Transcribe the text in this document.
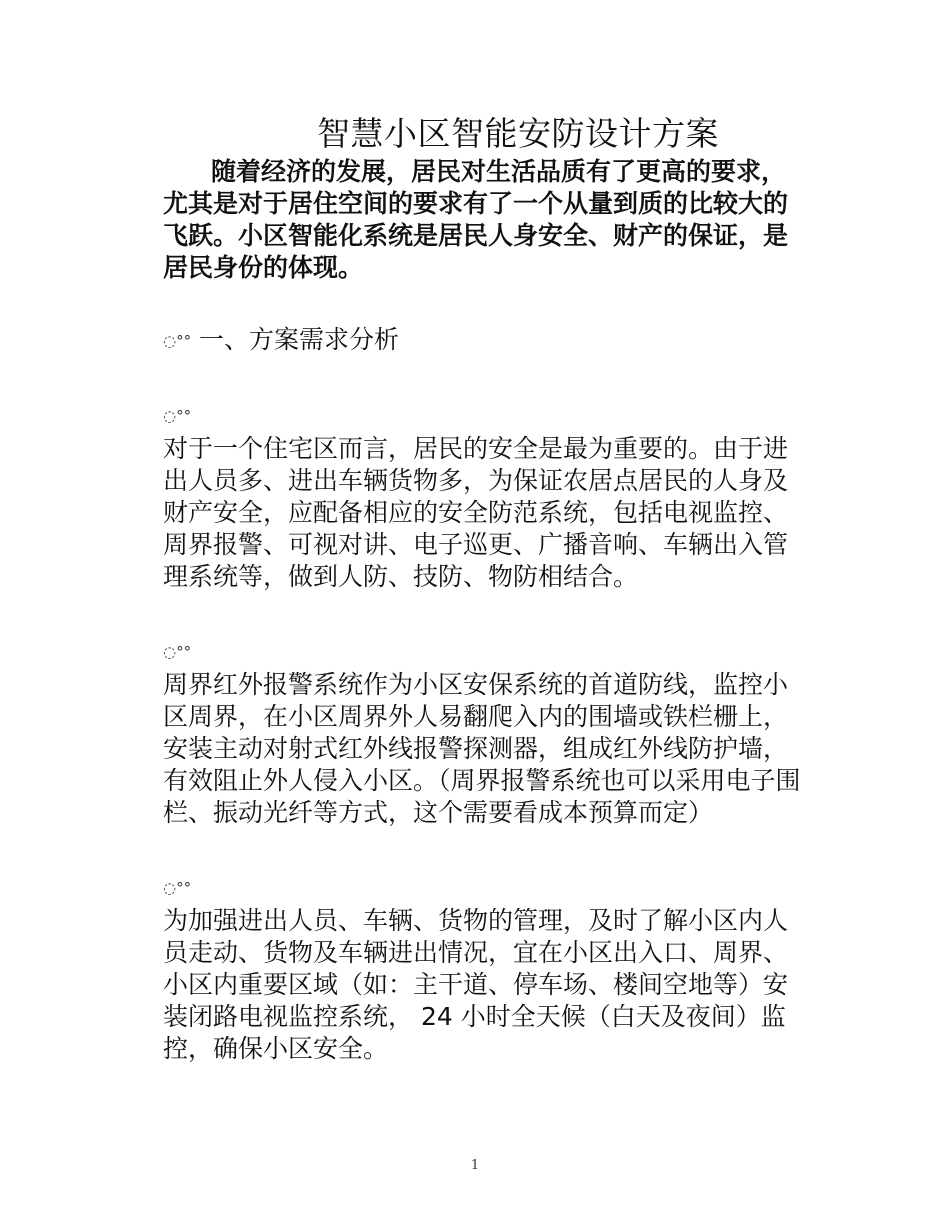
智慧小区智能安防设计方案

随着经济的发展，居民对生活品质有了更高的要求，尤其是对于居住空间的要求有了一个从量到质的比较大的飞跃。小区智能化系统是居民人身安全、财产的保证，是居民身份的体现。

◌°° 一、方案需求分析

◌°°

对于一个住宅区而言，居民的安全是最为重要的。由于进出人员多、进出车辆货物多，为保证农居点居民的人身及财产安全，应配备相应的安全防范系统，包括电视监控、周界报警、可视对讲、电子巡更、广播音响、车辆出入管理系统等，做到人防、技防、物防相结合。

◌°°

周界红外报警系统作为小区安保系统的首道防线，监控小区周界，在小区周界外人易翻爬入内的围墙或铁栏栅上，安装主动对射式红外线报警探测器，组成红外线防护墙，有效阻止外人侵入小区。（周界报警系统也可以采用电子围栏、振动光纤等方式，这个需要看成本预算而定）

◌°°

为加强进出人员、车辆、货物的管理，及时了解小区内人员走动、货物及车辆进出情况，宜在小区出入口、周界、小区内重要区域（如：主干道、停车场、楼间空地等）安装闭路电视监控系统， 24 小时全天候（白天及夜间）监控，确保小区安全。

1
